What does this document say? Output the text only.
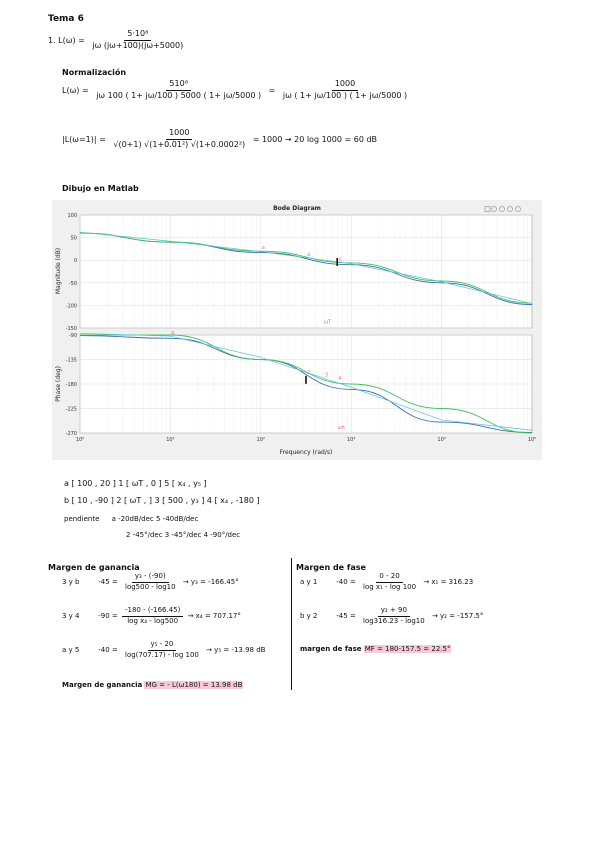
Tema 6
1. $L(\omega) = \frac{\text{5·10⁸}}{j\omega (j\omega+100)(j\omega+5000)}$
Normalización
$L(\omega) = \frac{\text{510⁸}}{j\omega 100 ( 1+ j\omega/100 ) 5000 ( 1+ j\omega/5000 )} = \frac{1000}{j\omega ( 1+ j\omega/100 ) ( 1+ j\omega/5000 )}$
$|L(\omega=1)| = \frac{1000}{\text{√(0+1) √(1+0.01²) √(1+0.0002²)}} = 1000 \to 20$ log 1000 = 60 dB
Dibujo en Matlab
Bode Diagram
100
50
0
-50
-100
-150
Magnitude (dB)	a
4
5
ωT
-90
-135
-180
-225
-270
Phase (deg)
b
2	3
4
ωπ
10⁰	10¹	10²	10³	10⁴	10⁵
Frequency (rad/s)
a [ 100 , 20 ] 1 [ ωT , 0 ] 5 [ x₄ , y₅ ]
b [ 10 , -90 ] 2 [ ωT , ] 3 [ 500 , y₃ ] 4 [ x₄ , -180 ]
pendiente a -20dB/dec 5 -40dB/dec
2 -45°/dec 3 -45°/dec 4 -90°/dec
Margen de ganancia
3 y b	$-45 = \frac{\text{y₃ - (-90)}}{\log 500 - \log 10} \to y_3 = -166.45^\circ$
3 y 4	$-90 = \frac{-180 - (-166.45)}{\text{log x₄ - log500}} \to x_4 = 707.17^\circ$
a y 5	$-40 = \frac{\text{y₅ - 20}}{\log(707.17) - \log 100} \to y_5 = -13.98$ dB
Margen de ganancia MG = - L(ω180) = 13.98 dB
Margen de fase
a y 1	$-40 = \frac{0 - 20}{\text{log x₁ - log 100}} \to x_1 = 316.23$
b y 2	$-45 = \frac{\text{y₂ + 90}}{\log 316.23 - \log 10} \to y_2 = -157.5^\circ$
margen de fase MF = 180-157.5 = 22.5°
